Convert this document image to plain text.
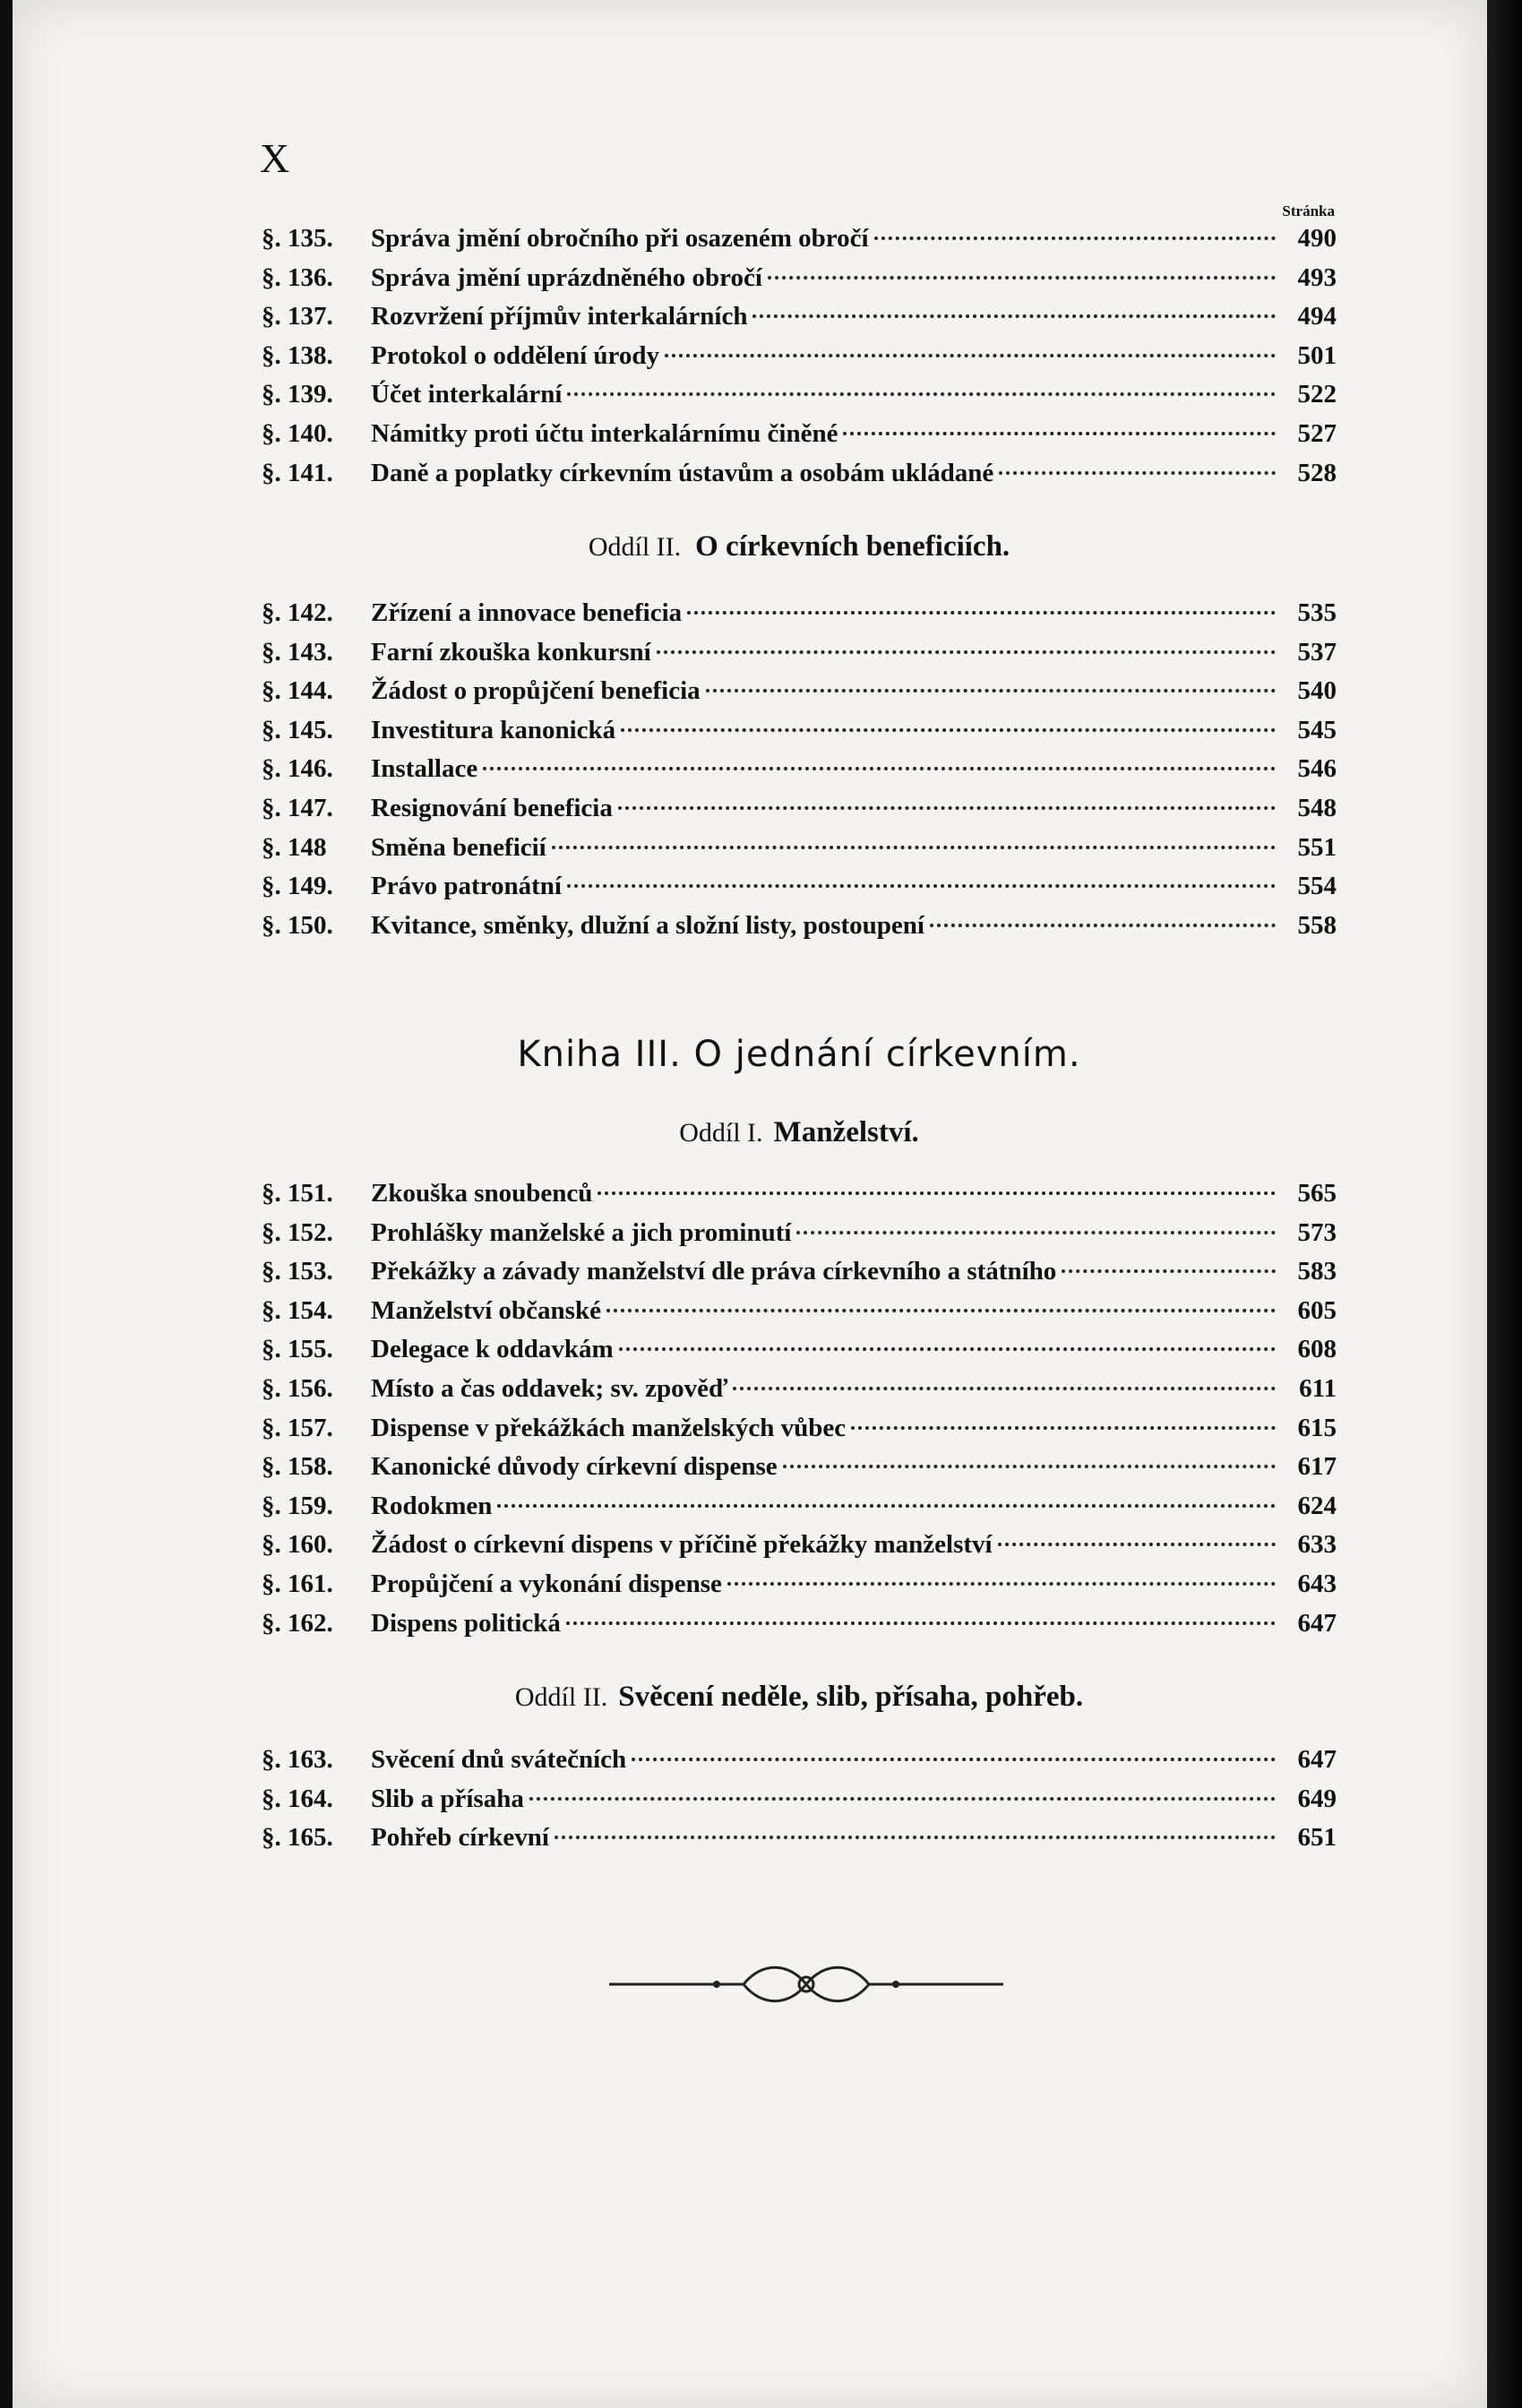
X
Stránka
§. 135.	Správa jmění obročního při osazeném obročí	490
§. 136.	Správa jmění uprázdněného obročí	493
§. 137.	Rozvržení příjmův interkalárních	494
§. 138.	Protokol o oddělení úrody	501
§. 139.	Účet interkalární	522
§. 140.	Námitky proti účtu interkalárnímu činěné	527
§. 141.	Daně a poplatky církevním ústavům a osobám ukládané	528
Oddíl II. O církevních beneficiích.
§. 142.	Zřízení a innovace beneficia	535
§. 143.	Farní zkouška konkursní	537
§. 144.	Žádost o propůjčení beneficia	540
§. 145.	Investitura kanonická	545
§. 146.	Installace	546
§. 147.	Resignování beneficia	548
§. 148	Směna beneficií	551
§. 149.	Právo patronátní	554
§. 150.	Kvitance, směnky, dlužní a složní listy, postoupení	558
Kniha III. O jednání církevním.
Oddíl I. Manželství.
§. 151.	Zkouška snoubenců	565
§. 152.	Prohlášky manželské a jich prominutí	573
§. 153.	Překážky a závady manželství dle práva církevního a státního	583
§. 154.	Manželství občanské	605
§. 155.	Delegace k oddavkám	608
§. 156.	Místo a čas oddavek; sv. zpověď	611
§. 157.	Dispense v překážkách manželských vůbec	615
§. 158.	Kanonické důvody církevní dispense	617
§. 159.	Rodokmen	624
§. 160.	Žádost o církevní dispens v příčině překážky manželství	633
§. 161.	Propůjčení a vykonání dispense	643
§. 162.	Dispens politická	647
Oddíl II. Svěcení neděle, slib, přísaha, pohřeb.
§. 163.	Svěcení dnů svátečních	647
§. 164.	Slib a přísaha	649
§. 165.	Pohřeb církevní	651
